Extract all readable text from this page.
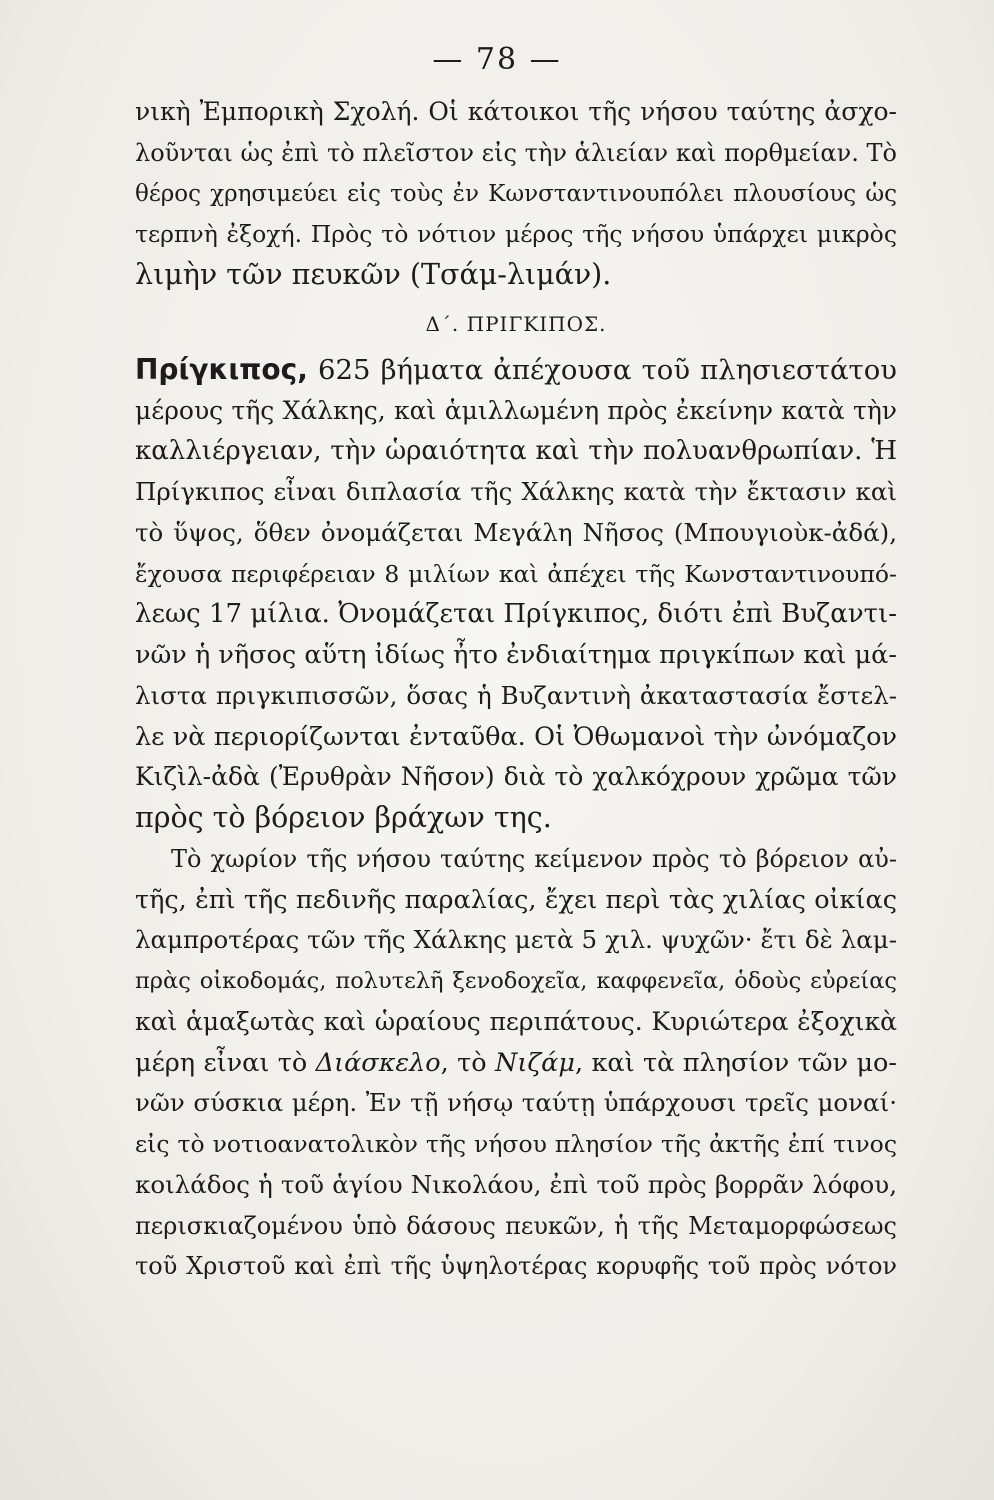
— 78 —
νικὴ Ἐμπορικὴ Σχολή. Οἱ κάτοικοι τῆς νήσου ταύτης ἀσχο-
λοῦνται ὡς ἐπὶ τὸ πλεῖστον εἰς τὴν ἁλιείαν καὶ πορθμείαν. Τὸ
θέρος χρησιμεύει εἰς τοὺς ἐν Κωνσταντινουπόλει πλουσίους ὡς
τερπνὴ ἐξοχή. Πρὸς τὸ νότιον μέρος τῆς νήσου ὑπάρχει μικρὸς
λιμὴν τῶν πευκῶν (Τσάμ-λιμάν).
Δ΄. ΠΡΙΓΚΙΠΟΣ.
Πρίγκιπος, 625 βήματα ἀπέχουσα τοῦ πλησιεστάτου
μέρους τῆς Χάλκης, καὶ ἁμιλλωμένη πρὸς ἐκείνην κατὰ τὴν
καλλιέργειαν, τὴν ὡραιότητα καὶ τὴν πολυανθρωπίαν. Ἡ
Πρίγκιπος εἶναι διπλασία τῆς Χάλκης κατὰ τὴν ἔκτασιν καὶ
τὸ ὕψος, ὅθεν ὀνομάζεται Μεγάλη Νῆσος (Μπουγιοὺκ-ἀδά),
ἔχουσα περιφέρειαν 8 μιλίων καὶ ἀπέχει τῆς Κωνσταντινουπό-
λεως 17 μίλια. Ὀνομάζεται Πρίγκιπος, διότι ἐπὶ Βυζαντι-
νῶν ἡ νῆσος αὕτη ἰδίως ἦτο ἐνδιαίτημα πριγκίπων καὶ μά-
λιστα πριγκιπισσῶν, ὅσας ἡ Βυζαντινὴ ἀκαταστασία ἔστελ-
λε νὰ περιορίζωνται ἐνταῦθα. Οἱ Ὀθωμανοὶ τὴν ὠνόμαζον
Κιζὶλ-ἀδὰ (Ἐρυθρὰν Νῆσον) διὰ τὸ χαλκόχρουν χρῶμα τῶν
πρὸς τὸ βόρειον βράχων της.
Τὸ χωρίον τῆς νήσου ταύτης κείμενον πρὸς τὸ βόρειον αὐ-
τῆς, ἐπὶ τῆς πεδινῆς παραλίας, ἔχει περὶ τὰς χιλίας οἰκίας
λαμπροτέρας τῶν τῆς Χάλκης μετὰ 5 χιλ. ψυχῶν· ἔτι δὲ λαμ-
πρὰς οἰκοδομάς, πολυτελῆ ξενοδοχεῖα, καφφενεῖα, ὁδοὺς εὐρείας
καὶ ἁμαξωτὰς καὶ ὡραίους περιπάτους. Κυριώτερα ἐξοχικὰ
μέρη εἶναι τὸ Διάσκελο, τὸ Νιζάμ, καὶ τὰ πλησίον τῶν μο-
νῶν σύσκια μέρη. Ἐν τῇ νήσῳ ταύτῃ ὑπάρχουσι τρεῖς μοναί·
εἰς τὸ νοτιοανατολικὸν τῆς νήσου πλησίον τῆς ἀκτῆς ἐπί τινος
κοιλάδος ἡ τοῦ ἁγίου Νικολάου, ἐπὶ τοῦ πρὸς βορρᾶν λόφου,
περισκιαζομένου ὑπὸ δάσους πευκῶν, ἡ τῆς Μεταμορφώσεως
τοῦ Χριστοῦ καὶ ἐπὶ τῆς ὑψηλοτέρας κορυφῆς τοῦ πρὸς νότον
